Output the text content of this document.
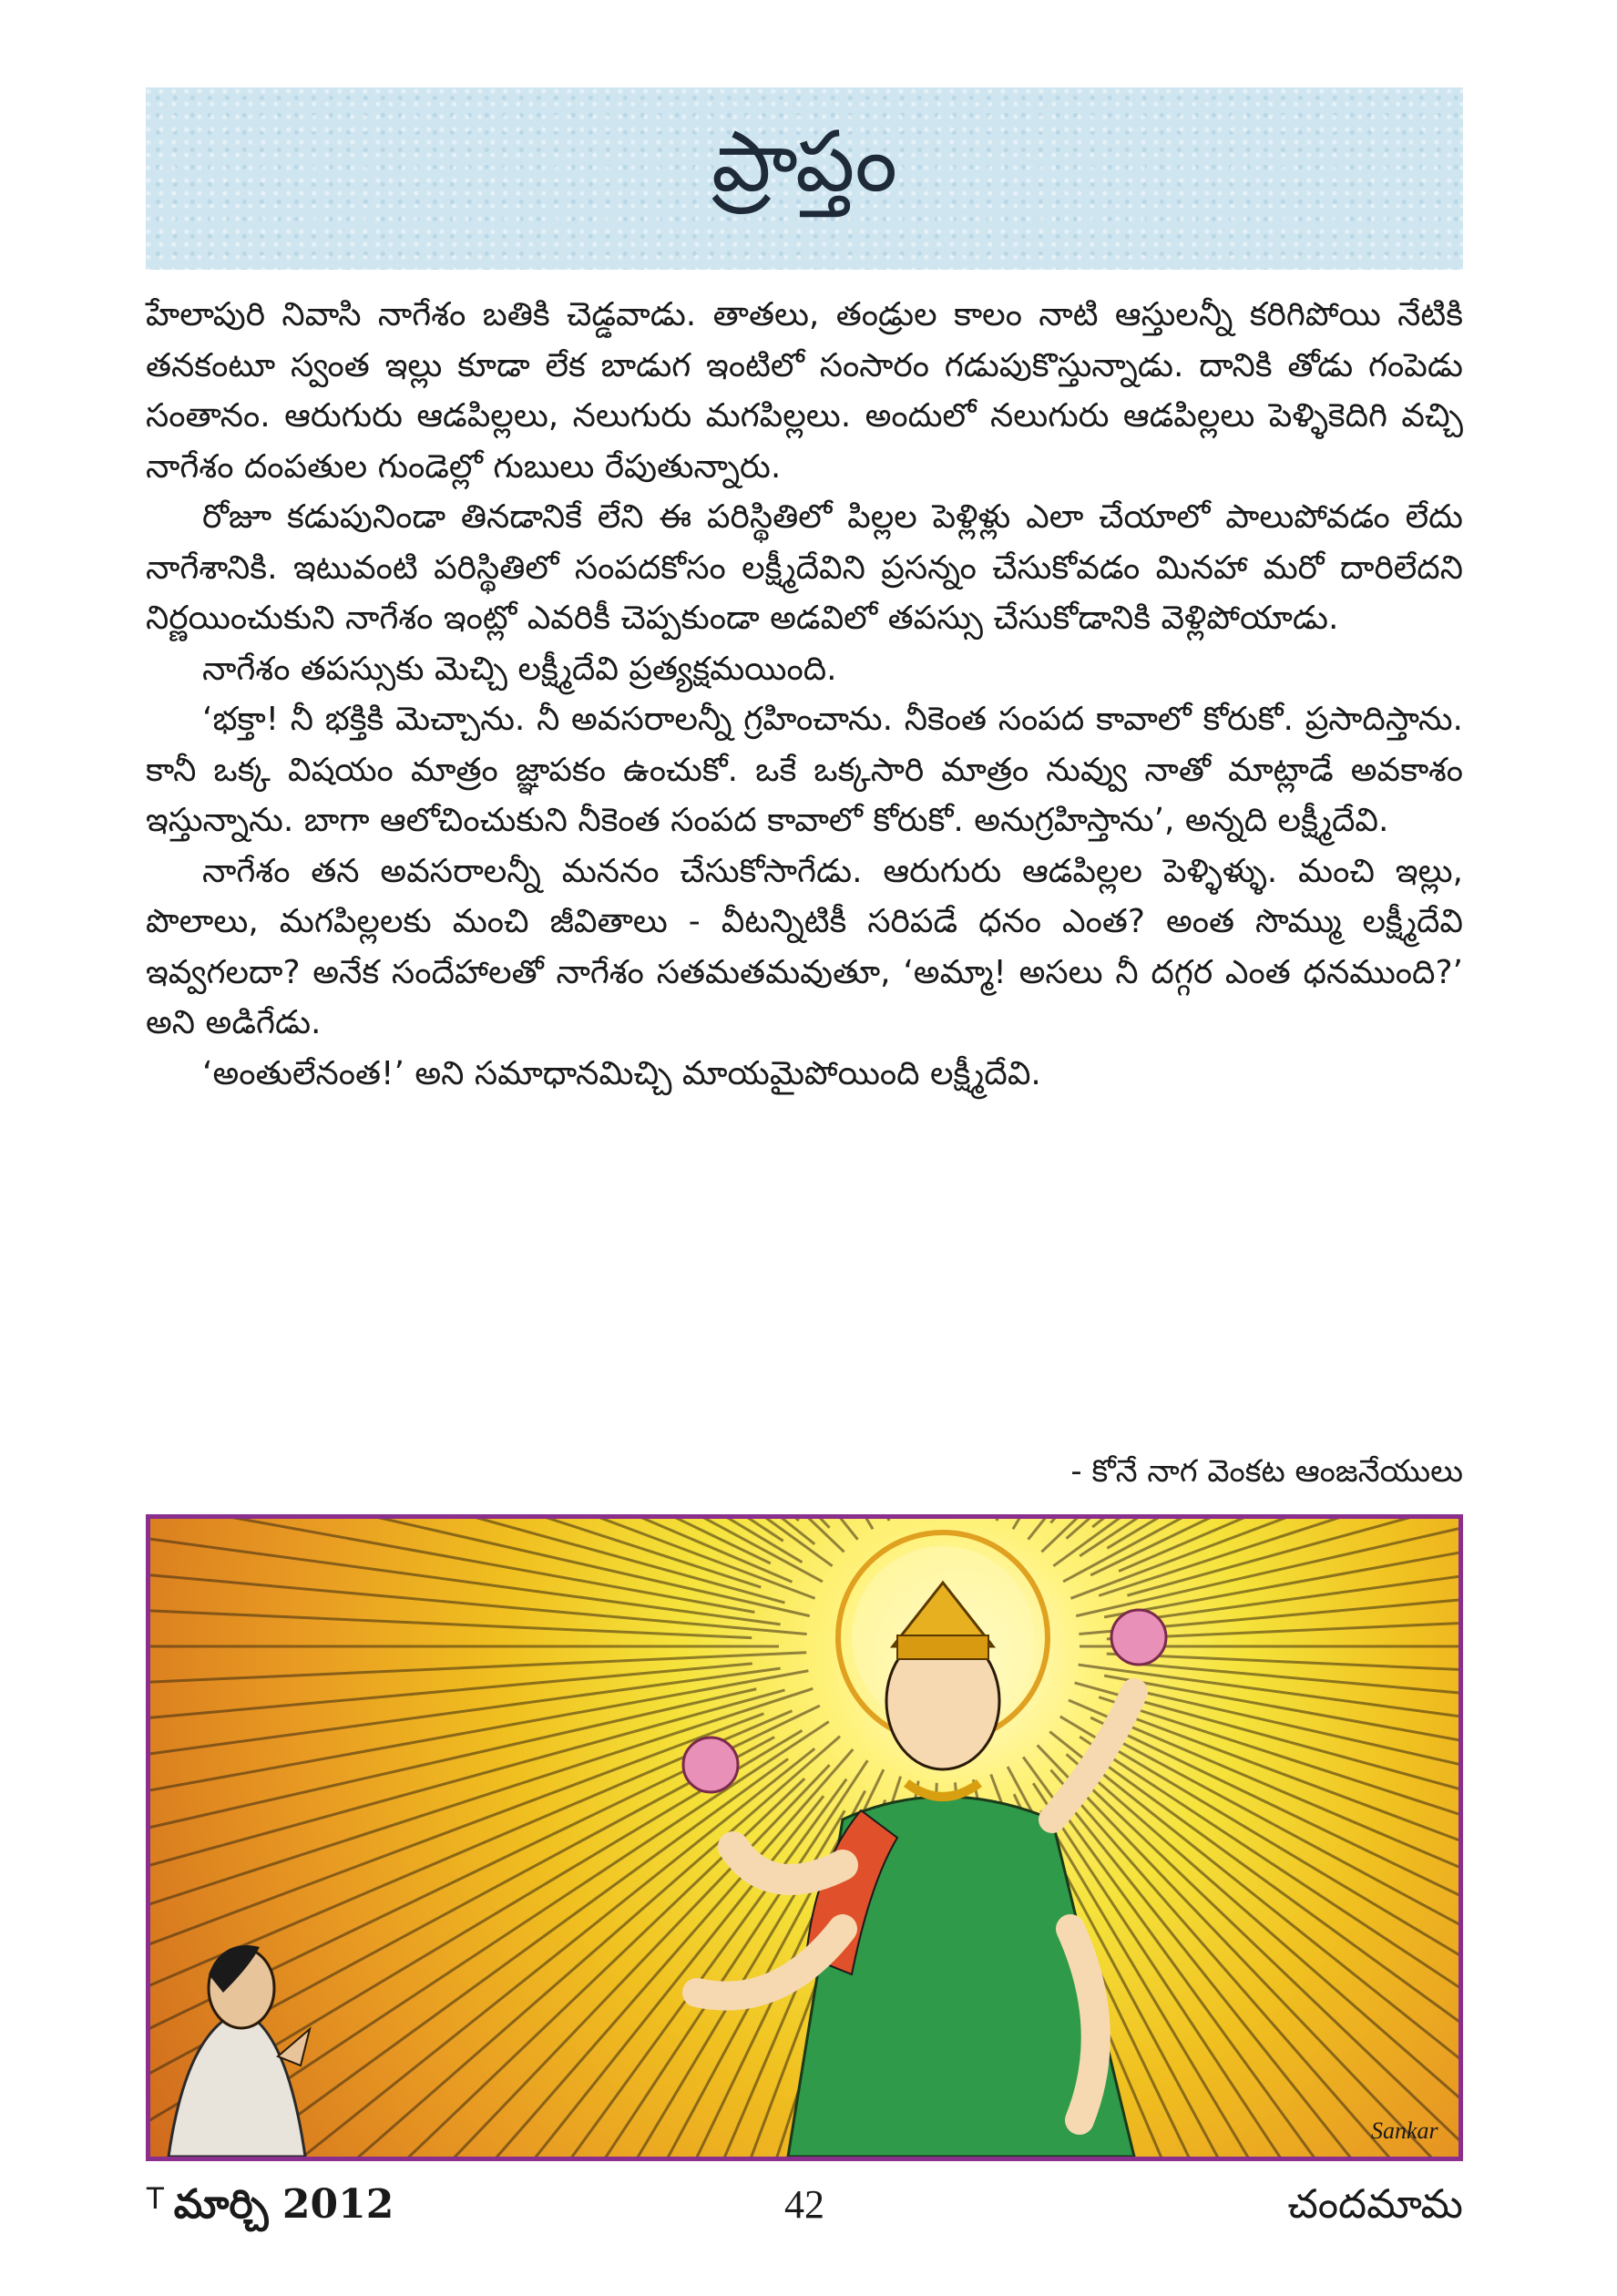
ప్రాప్తం

హేలాపురి నివాసి నాగేశం బతికి చెడ్డవాడు. తాతలు, తండ్రుల కాలం నాటి ఆస్తులన్నీ కరిగిపోయి నేటికి తనకంటూ స్వంత ఇల్లు కూడా లేక బాడుగ ఇంటిలో సంసారం గడుపుకొస్తున్నాడు. దానికి తోడు గంపెడు సంతానం. ఆరుగురు ఆడపిల్లలు, నలుగురు మగపిల్లలు. అందులో నలుగురు ఆడపిల్లలు పెళ్ళికెదిగి వచ్చి నాగేశం దంపతుల గుండెల్లో గుబులు రేపుతున్నారు.

రోజూ కడుపునిండా తినడానికే లేని ఈ పరిస్థితిలో పిల్లల పెళ్లిళ్లు ఎలా చేయాలో పాలుపోవడం లేదు నాగేశానికి. ఇటువంటి పరిస్థితిలో సంపదకోసం లక్ష్మీదేవిని ప్రసన్నం చేసుకోవడం మినహా మరో దారిలేదని నిర్ణయించుకుని నాగేశం ఇంట్లో ఎవరికీ చెప్పకుండా అడవిలో తపస్సు చేసుకోడానికి వెళ్లిపోయాడు.

నాగేశం తపస్సుకు మెచ్చి లక్ష్మీదేవి ప్రత్యక్షమయింది.

‘భక్తా! నీ భక్తికి మెచ్చాను. నీ అవసరాలన్నీ గ్రహించాను. నీకెంత సంపద కావాలో కోరుకో. ప్రసాదిస్తాను. కానీ ఒక్క విషయం మాత్రం జ్ఞాపకం ఉంచుకో. ఒకే ఒక్కసారి మాత్రం నువ్వు నాతో మాట్లాడే అవకాశం ఇస్తున్నాను. బాగా ఆలోచించుకుని నీకెంత సంపద కావాలో కోరుకో. అనుగ్రహిస్తాను’, అన్నది లక్ష్మీదేవి.

నాగేశం తన అవసరాలన్నీ మననం చేసుకోసాగేడు. ఆరుగురు ఆడపిల్లల పెళ్ళిళ్ళు. మంచి ఇల్లు, పొలాలు, మగపిల్లలకు మంచి జీవితాలు - వీటన్నిటికీ సరిపడే ధనం ఎంత? అంత సొమ్ము లక్ష్మీదేవి ఇవ్వగలదా? అనేక సందేహాలతో నాగేశం సతమతమవుతూ, ‘అమ్మా! అసలు నీ దగ్గర ఎంత ధనముంది?’ అని అడిగేడు.

‘అంతులేనంత!’ అని సమాధానమిచ్చి మాయమైపోయింది లక్ష్మీదేవి.

- కోనే నాగ వెంకట ఆంజనేయులు
Sankar
$^T$ మార్చి 2012	42	చందమామ
